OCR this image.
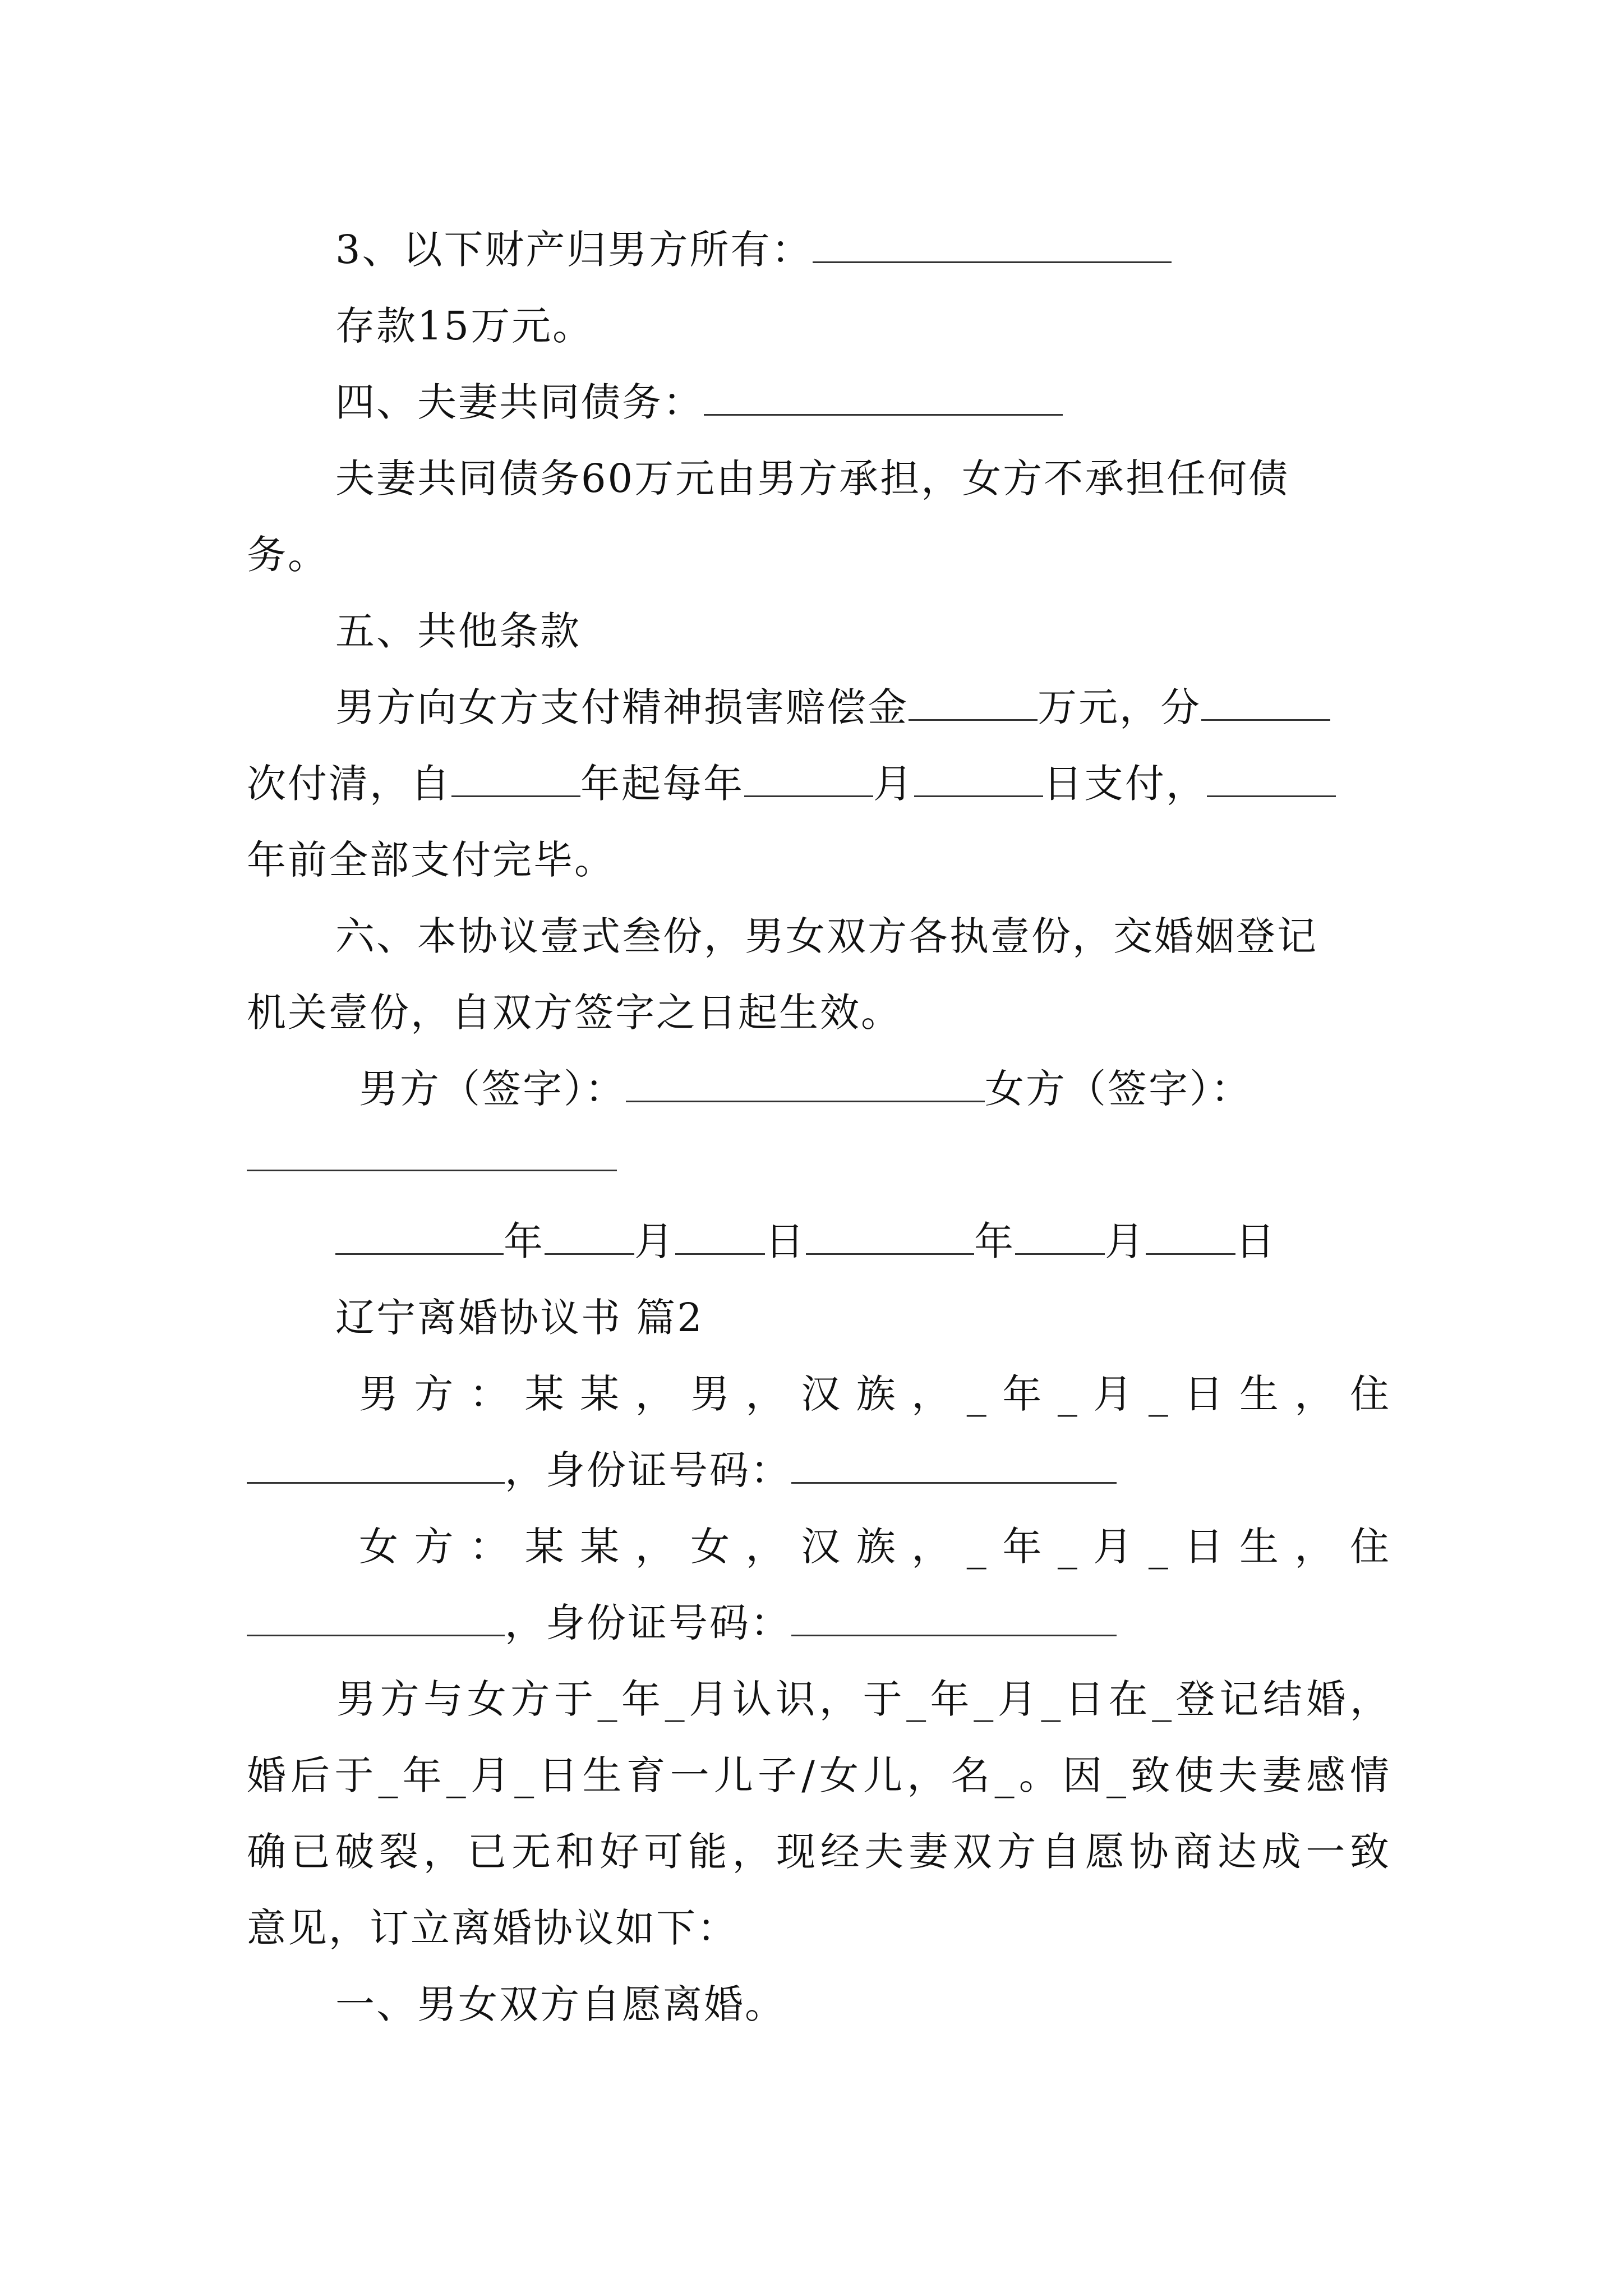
3、以下财产归男方所有：
存款15万元。
四、夫妻共同债务：
夫妻共同债务60万元由男方承担，女方不承担任何债
务。
五、共他条款
男方向女方支付精神损害赔偿金	万元，分
次付清，自	年起每年	月	日支付，
年前全部支付完毕。
六、本协议壹式叁份，男女双方各执壹份，交婚姻登记
机关壹份，自双方签字之日起生效。
男方（签字）：	女方（签字）：
年 月 日	年 月 日
辽宁离婚协议书 篇2
男方：某某，男，汉族，_年_月_日生，住
，身份证号码：
女方：某某，女，汉族，_年_月_日生，住
，身份证号码：
男方与女方于_年_月认识，于_年_月_日在_登记结婚，
婚后于_年_月_日生育一儿子/女儿，名_。因_致使夫妻感情
确已破裂，已无和好可能，现经夫妻双方自愿协商达成一致
意见，订立离婚协议如下：
一、男女双方自愿离婚。
